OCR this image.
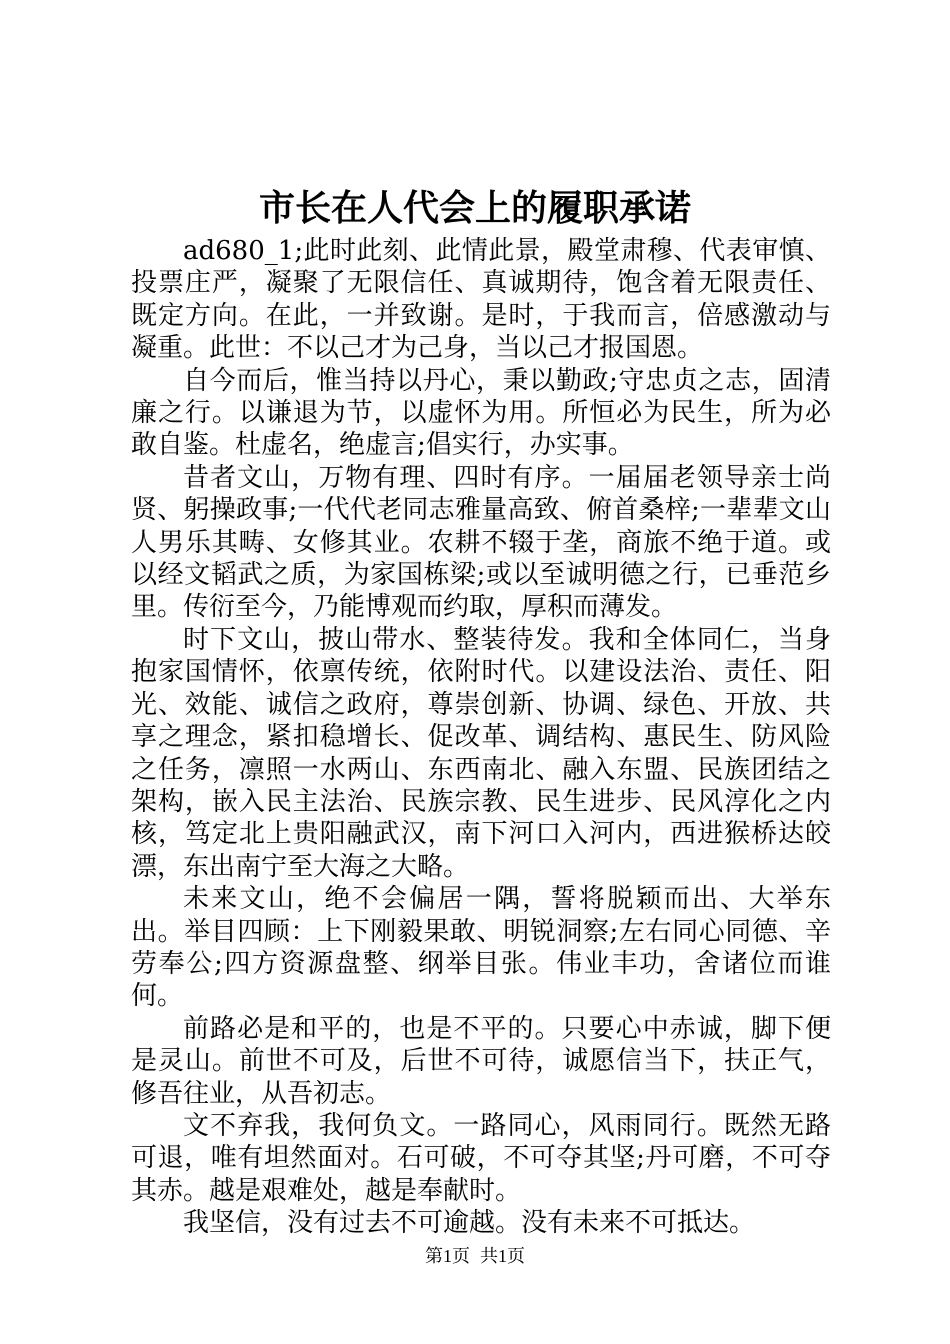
市长在人代会上的履职承诺

ad680_1;此时此刻、此情此景，殿堂肃穆、代表审慎、投票庄严，凝聚了无限信任、真诚期待，饱含着无限责任、既定方向。在此，一并致谢。是时，于我而言，倍感激动与凝重。此世：不以己才为己身，当以己才报国恩。

自今而后，惟当持以丹心，秉以勤政;守忠贞之志，固清廉之行。以谦退为节，以虚怀为用。所恒必为民生，所为必敢自鉴。杜虚名，绝虚言;倡实行，办实事。

昔者文山，万物有理、四时有序。一届届老领导亲士尚贤、躬操政事;一代代老同志雅量高致、俯首桑梓;一辈辈文山人男乐其畴、女修其业。农耕不辍于垄，商旅不绝于道。或以经文韬武之质，为家国栋梁;或以至诚明德之行，已垂范乡里。传衍至今，乃能博观而约取，厚积而薄发。

时下文山，披山带水、整装待发。我和全体同仁，当身抱家国情怀，依禀传统，依附时代。以建设法治、责任、阳光、效能、诚信之政府，尊崇创新、协调、绿色、开放、共享之理念，紧扣稳增长、促改革、调结构、惠民生、防风险之任务，凛照一水两山、东西南北、融入东盟、民族团结之架构，嵌入民主法治、民族宗教、民生进步、民风淳化之内核，笃定北上贵阳融武汉，南下河口入河内，西进猴桥达皎漂，东出南宁至大海之大略。

未来文山，绝不会偏居一隅，誓将脱颖而出、大举东出。举目四顾：上下刚毅果敢、明锐洞察;左右同心同德、辛劳奉公;四方资源盘整、纲举目张。伟业丰功，舍诸位而谁何。

前路必是和平的，也是不平的。只要心中赤诚，脚下便是灵山。前世不可及，后世不可待，诚愿信当下，扶正气，修吾往业，从吾初志。

文不弃我，我何负文。一路同心，风雨同行。既然无路可退，唯有坦然面对。石可破，不可夺其坚;丹可磨，不可夺其赤。越是艰难处，越是奉献时。

我坚信，没有过去不可逾越。没有未来不可抵达。

第1页 共1页
